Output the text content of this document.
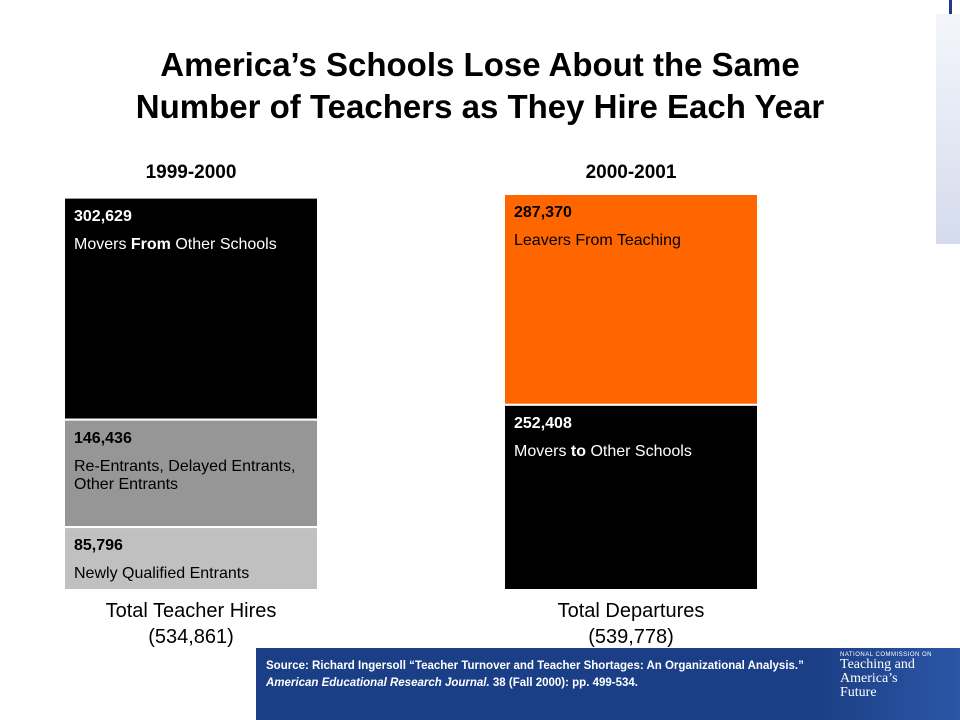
America’s Schools Lose About the Same
Number of Teachers as They Hire Each Year
1999-2000
302,629
Movers From Other Schools
146,436
Re-Entrants, Delayed Entrants, Other Entrants
85,796
Newly Qualified Entrants
Total Teacher Hires
(534,861)
2000-2001
287,370
Leavers From Teaching
252,408
Movers to Other Schools
Total Departures
(539,778)
Source: Richard Ingersoll “Teacher Turnover and Teacher Shortages: An Organizational Analysis.” American Educational Research Journal. 38 (Fall 2000): pp. 499-534.
NATIONAL COMMISSION ON
Teaching and
America’s
Future
